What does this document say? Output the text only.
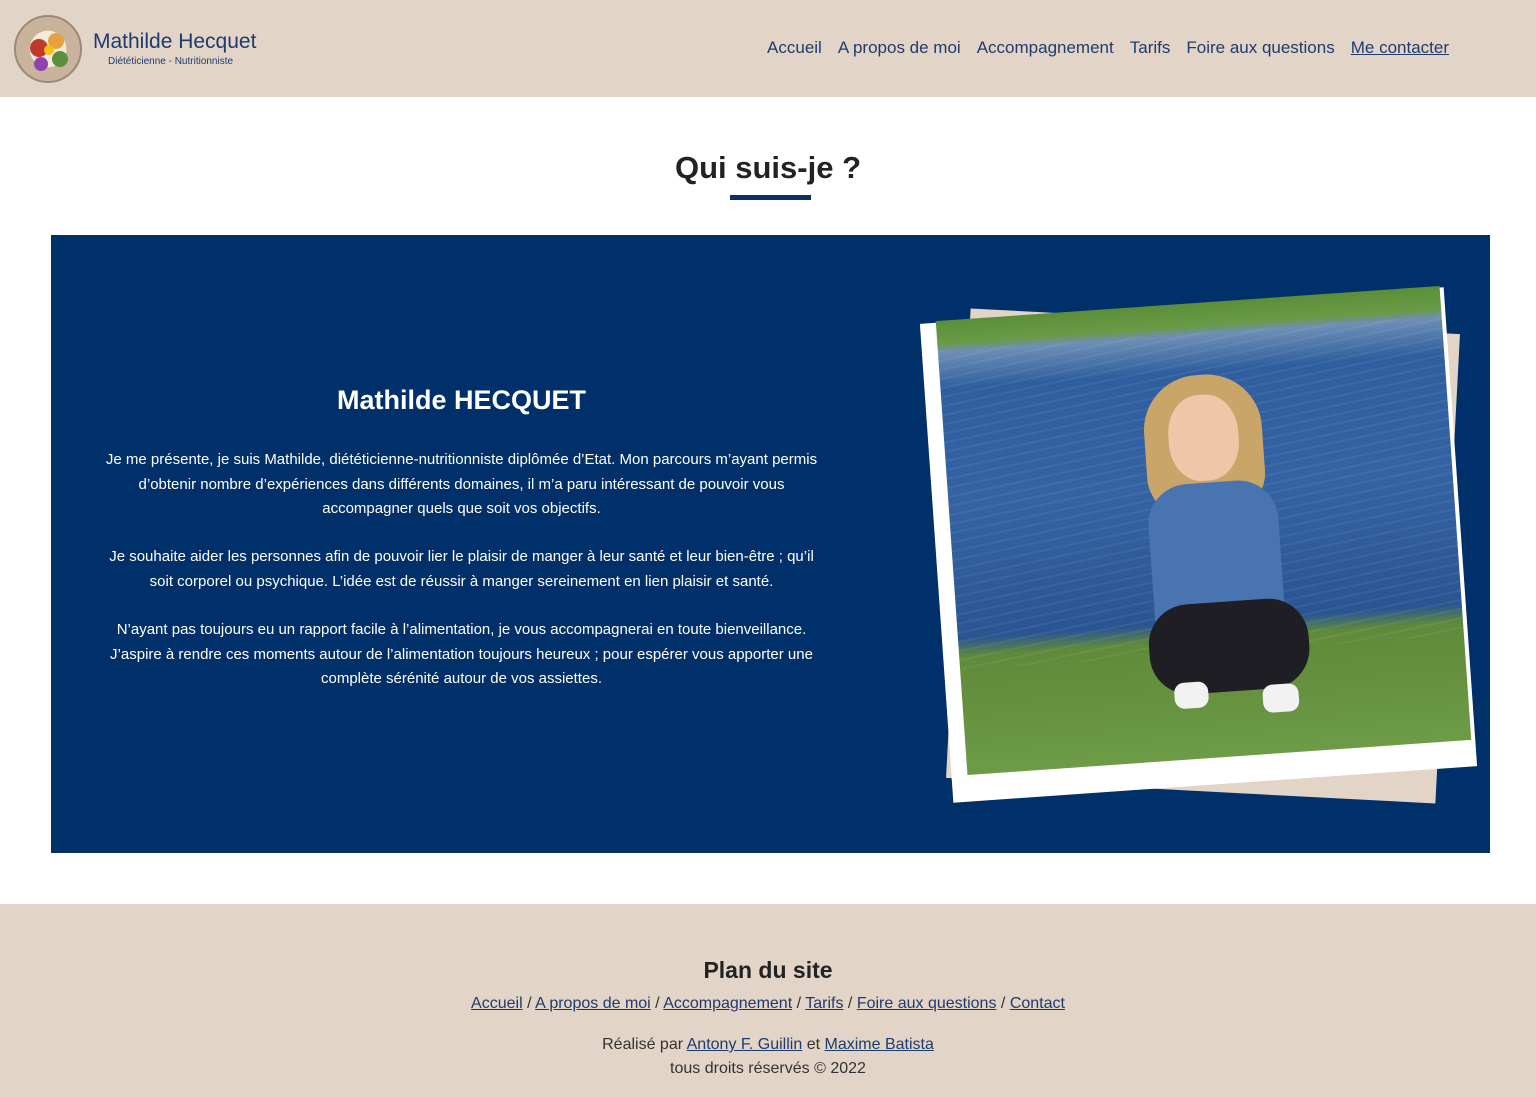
Mathilde Hecquet
Diététicienne - Nutritionniste
Accueil A propos de moi Accompagnement Tarifs Foire aux questions Me contacter
Qui suis-je ?
Mathilde HECQUET

Je me présente, je suis Mathilde, diététicienne-nutritionniste diplômée d’Etat. Mon parcours m’ayant permis d’obtenir nombre d’expériences dans différents domaines, il m’a paru intéressant de pouvoir vous accompagner quels que soit vos objectifs.

Je souhaite aider les personnes afin de pouvoir lier le plaisir de manger à leur santé et leur bien-être ; qu’il soit corporel ou psychique. L’idée est de réussir à manger sereinement en lien plaisir et santé.

N’ayant pas toujours eu un rapport facile à l’alimentation, je vous accompagnerai en toute bienveillance. J’aspire à rendre ces moments autour de l’alimentation toujours heureux ; pour espérer vous apporter une complète sérénité autour de vos assiettes.

Plan du site
Accueil / A propos de moi / Accompagnement / Tarifs / Foire aux questions / Contact
Réalisé par Antony F. Guillin et Maxime Batista
tous droits réservés © 2022
